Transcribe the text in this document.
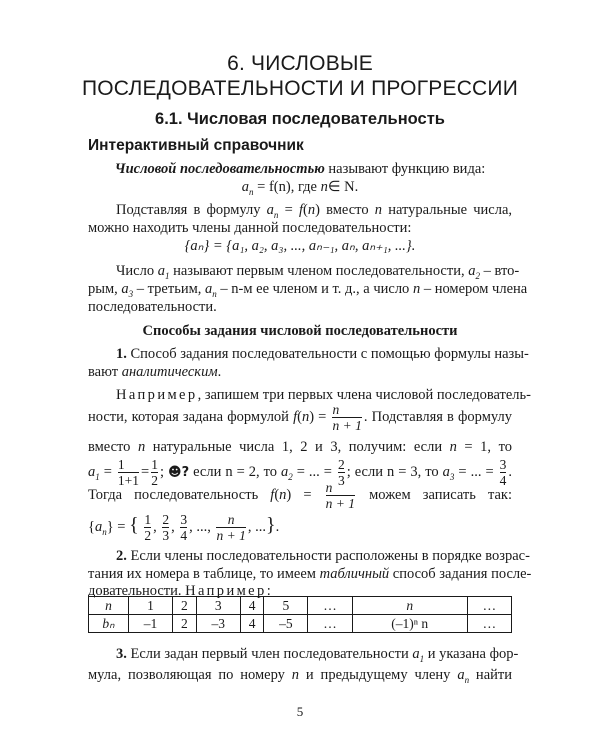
6. ЧИСЛОВЫЕ
ПОСЛЕДОВАТЕЛЬНОСТИ И ПРОГРЕССИИ
6.1. Числовая последовательность
Интерактивный справочник
Числовой последовательностью называют функцию вида:
$a_n = f(n)$, где n∈ N.
Подставляя в формулу $a_n = f(n)$ вместо n натуральные числа,
можно находить члены данной последовательности:
{aₙ} = {a₁, a₂, a₃, ..., aₙ₋₁, aₙ, aₙ₊₁, ...}.
Число $a_1$ называют первым членом последовательности, $a_2 - вто-$
рым, $a_3$ – третьим, $a_n - n-м$ ее членом и т. д., а число n – номером члена
последовательности.
Способы задания числовой последовательности
1. Способ задания последовательности с помощью формулы назы-
вают аналитическим.
Например, запишем три первых члена числовой последователь-
ности, которая задана формулой $f(n) = \frac{n}{n + 1}$ . Подставляя в формулу
вместо n натуральные числа 1, 2 и 3, получим: если n = 1, то
$a_1 = \frac{1}{1+1} = \frac{1}{2}$ ; ☻? если n = 2, то $a_2$ = ... = $\frac{2}{3}$ ; если n = 3, то $a_3$ = ... = $\frac{3}{4}$ .
Тогда последовательность $f(n) = \frac{n}{n + 1}$ можем записать так:
$\{a_n\}$ = { $\frac{1}{2}$ , $\frac{2}{3}$ , $\frac{3}{4}$ , ..., $\frac{n}{n + 1}$ , ...}.
2. Если члены последовательности расположены в порядке возрас-
тания их номера в таблице, то имеем табличный способ задания после-
довательности. Например:
n	1	2	3	4	5	…	n	…
bₙ	–1	2	–3	4	–5	…	(–1)ⁿ n	…
3. Если задан первый член последовательности $a_1$ и указана фор-
мула, позволяющая по номеру n и предыдущему члену $a_n$ найти
5
